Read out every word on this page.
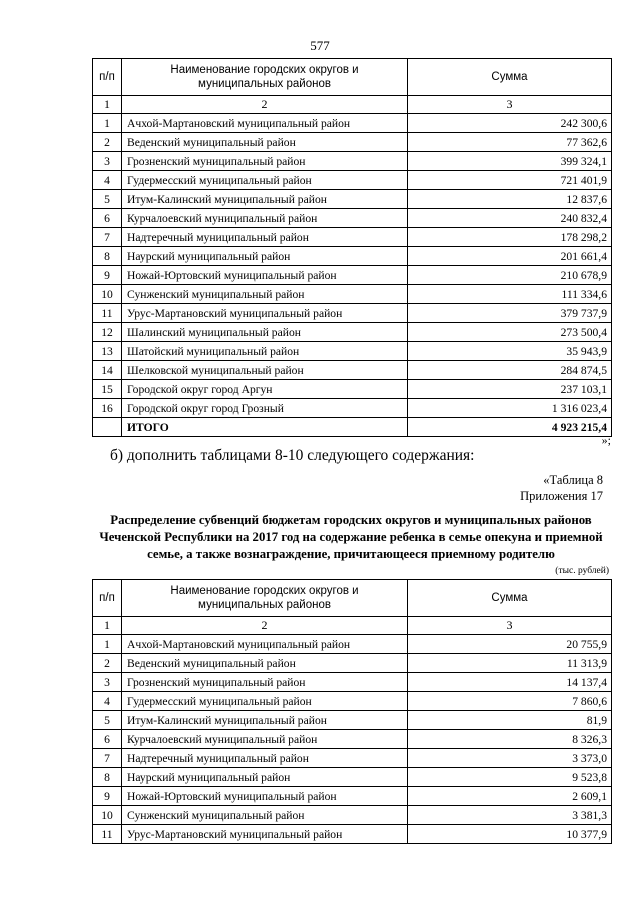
577
п/п	Наименование городских округов и муниципальных районов	Сумма
1	2	3
1	Ачхой-Мартановский муниципальный район	242 300,6
2	Веденский муниципальный район	77 362,6
3	Грозненский муниципальный район	399 324,1
4	Гудермесский муниципальный район	721 401,9
5	Итум-Калинский муниципальный район	12 837,6
6	Курчалоевский муниципальный район	240 832,4
7	Надтеречный муниципальный район	178 298,2
8	Наурский муниципальный район	201 661,4
9	Ножай-Юртовский муниципальный район	210 678,9
10	Сунженский муниципальный район	111 334,6
11	Урус-Мартановский муниципальный район	379 737,9
12	Шалинский муниципальный район	273 500,4
13	Шатойский муниципальный район	35 943,9
14	Шелковской муниципальный район	284 874,5
15	Городской округ город Аргун	237 103,1
16	Городской округ город Грозный	1 316 023,4
	ИТОГО	4 923 215,4
»;
б) дополнить таблицами 8-10 следующего содержания:
«Таблица 8
Приложения 17
Распределение субвенций бюджетам городских округов и муниципальных районов Чеченской Республики на 2017 год на содержание ребенка в семье опекуна и приемной семье, а также вознаграждение, причитающееся приемному родителю
(тыс. рублей)
п/п	Наименование городских округов и муниципальных районов	Сумма
1	2	3
1	Ачхой-Мартановский муниципальный район	20 755,9
2	Веденский муниципальный район	11 313,9
3	Грозненский муниципальный район	14 137,4
4	Гудермесский муниципальный район	7 860,6
5	Итум-Калинский муниципальный район	81,9
6	Курчалоевский муниципальный район	8 326,3
7	Надтеречный муниципальный район	3 373,0
8	Наурский муниципальный район	9 523,8
9	Ножай-Юртовский муниципальный район	2 609,1
10	Сунженский муниципальный район	3 381,3
11	Урус-Мартановский муниципальный район	10 377,9
